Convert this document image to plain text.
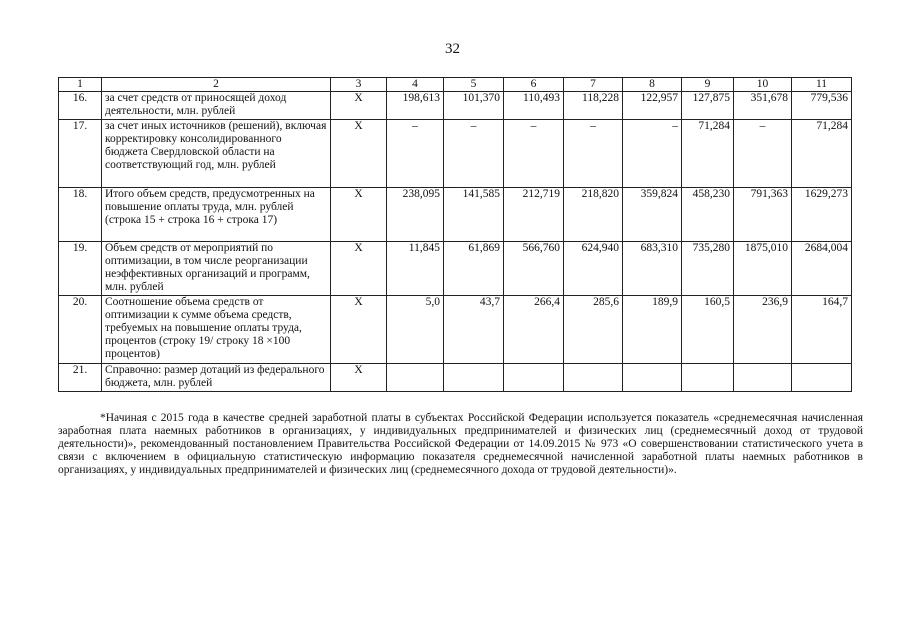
32
1	2	3	4	5	6	7	8	9	10	11
16.	за счет средств от приносящей доход деятельности, млн. рублей	X	198,613	101,370	110,493	118,228	122,957	127,875	351,678	779,536
17.	за счет иных источников (решений), включая корректировку консолидированного бюджета Свердловской области на соответствующий год, млн. рублей	X	–	–	–	–	–	71,284	–	71,284
18.	Итого объем средств, предусмотренных на повышение оплаты труда, млн. рублей (строка 15 + строка 16 + строка 17)	X	238,095	141,585	212,719	218,820	359,824	458,230	791,363	1629,273
19.	Объем средств от мероприятий по оптимизации, в том числе реорганизации неэффективных организаций и программ, млн. рублей	X	11,845	61,869	566,760	624,940	683,310	735,280	1875,010	2684,004
20.	Соотношение объема средств от оптимизации к сумме объема средств, требуемых на повышение оплаты труда, процентов (строку 19/ строку 18 ×100 процентов)	X	5,0	43,7	266,4	285,6	189,9	160,5	236,9	164,7
21.	Справочно: размер дотаций из федерального бюджета, млн. рублей	X								
*Начиная с 2015 года в качестве средней заработной платы в субъектах Российской Федерации используется показатель «среднемесячная начисленная заработная плата наемных работников в организациях, у индивидуальных предпринимателей и физических лиц (среднемесячный доход от трудовой деятельности)», рекомендованный постановлением Правительства Российской Федерации от 14.09.2015 № 973 «О совершенствовании статистического учета в связи с включением в официальную статистическую информацию показателя среднемесячной начисленной заработной платы наемных работников в организациях, у индивидуальных предпринимателей и физических лиц (среднемесячного дохода от трудовой деятельности)».
